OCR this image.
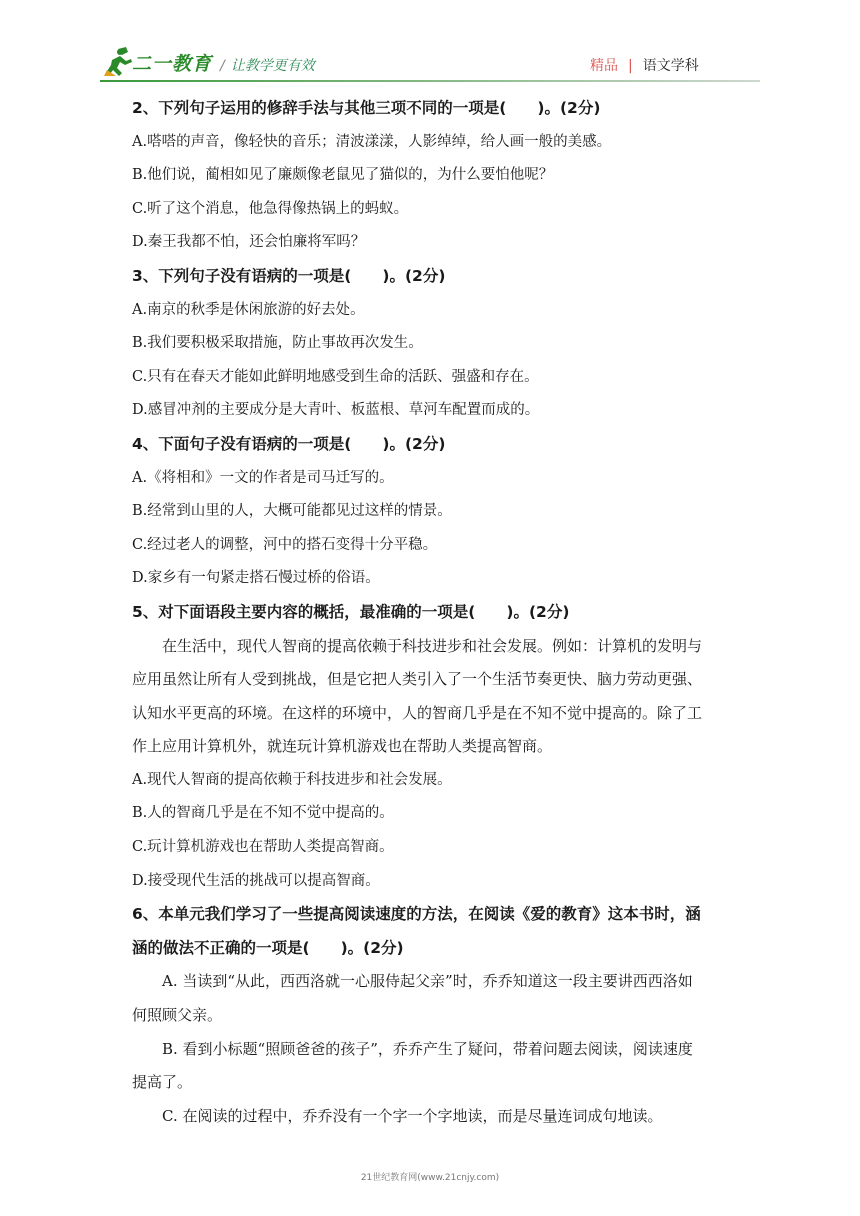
二一教育 / 让教学更有效	精品 | 语文学科
2、下列句子运用的修辞手法与其他三项不同的一项是(　　)。(2分)
A.嗒嗒的声音，像轻快的音乐；清波漾漾，人影绰绰，给人画一般的美感。
B.他们说，蔺相如见了廉颇像老鼠见了猫似的，为什么要怕他呢？
C.听了这个消息，他急得像热锅上的蚂蚁。
D.秦王我都不怕，还会怕廉将军吗？
3、下列句子没有语病的一项是(　　)。(2分)
A.南京的秋季是休闲旅游的好去处。
B.我们要积极采取措施，防止事故再次发生。
C.只有在春天才能如此鲜明地感受到生命的活跃、强盛和存在。
D.感冒冲剂的主要成分是大青叶、板蓝根、草河车配置而成的。
4、下面句子没有语病的一项是(　　)。(2分)
A.《将相和》一文的作者是司马迁写的。
B.经常到山里的人，大概可能都见过这样的情景。
C.经过老人的调整，河中的搭石变得十分平稳。
D.家乡有一句紧走搭石慢过桥的俗语。
5、对下面语段主要内容的概括，最准确的一项是(　　)。(2分)
　　在生活中，现代人智商的提高依赖于科技进步和社会发展。例如：计算机的发明与
应用虽然让所有人受到挑战，但是它把人类引入了一个生活节奏更快、脑力劳动更强、
认知水平更高的环境。在这样的环境中，人的智商几乎是在不知不觉中提高的。除了工
作上应用计算机外，就连玩计算机游戏也在帮助人类提高智商。
A.现代人智商的提高依赖于科技进步和社会发展。
B.人的智商几乎是在不知不觉中提高的。
C.玩计算机游戏也在帮助人类提高智商。
D.接受现代生活的挑战可以提高智商。
6、本单元我们学习了一些提高阅读速度的方法，在阅读《爱的教育》这本书时，涵
涵的做法不正确的一项是(　　)。(2分)
　　A. 当读到“从此，西西洛就一心服侍起父亲”时，乔乔知道这一段主要讲西西洛如
何照顾父亲。
　　B. 看到小标题“照顾爸爸的孩子”，乔乔产生了疑问，带着问题去阅读，阅读速度
提高了。
　　C. 在阅读的过程中，乔乔没有一个字一个字地读，而是尽量连词成句地读。
21世纪教育网(www.21cnjy.com)
